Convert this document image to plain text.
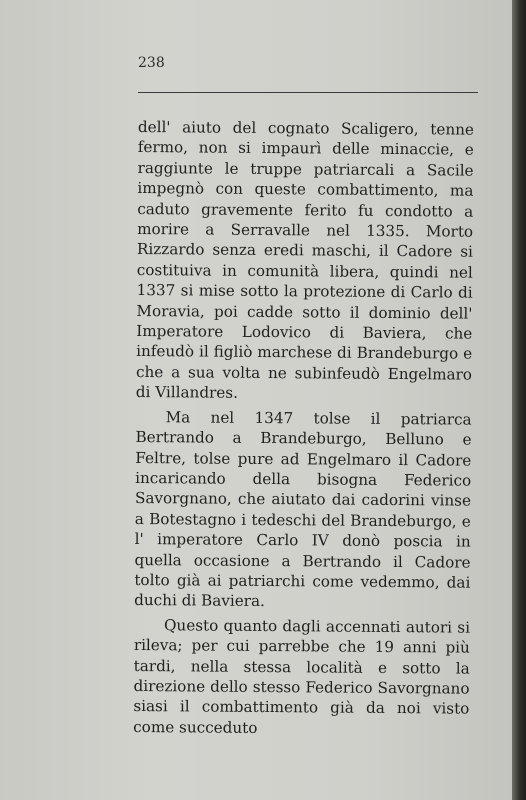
238

dell' aiuto del cognato Scaligero, tenne fermo, non si impaurì delle minaccie, e raggiunte le truppe patriarcali a Sacile impegnò con queste combattimento, ma caduto gravemente ferito fu condotto a morire a Serravalle nel 1335. Morto Rizzardo senza eredi maschi, il Cadore si costituiva in comunità libera, quindi nel 1337 si mise sotto la protezione di Carlo di Moravia, poi cadde sotto il dominio dell' Imperatore Lodovico di Baviera, che infeudò il figliò marchese di Brandeburgo e che a sua volta ne subinfeudò Engelmaro di Villandres.

Ma nel 1347 tolse il patriarca Bertrando a Brandeburgo, Belluno e Feltre, tolse pure ad Engelmaro il Cadore incaricando della bisogna Federico Savorgnano, che aiutato dai cadorini vinse a Botestagno i tedeschi del Brandeburgo, e l' imperatore Carlo IV donò poscia in quella occasione a Bertrando il Cadore tolto già ai patriarchi come vedemmo, dai duchi di Baviera.

Questo quanto dagli accennati autori si rileva; per cui parrebbe che 19 anni più tardi, nella stessa località e sotto la direzione dello stesso Federico Savorgnano siasi il combattimento già da noi visto come succeduto
